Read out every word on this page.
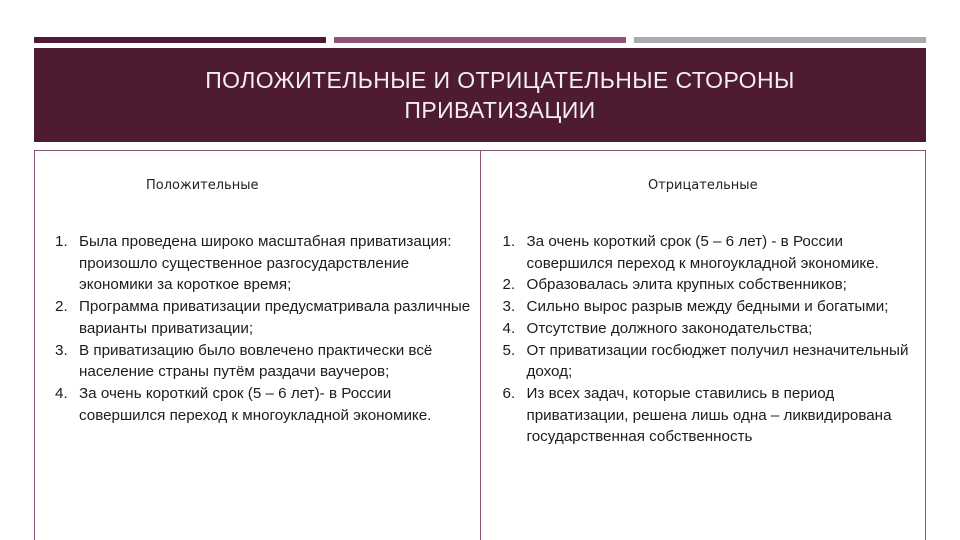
ПОЛОЖИТЕЛЬНЫЕ И ОТРИЦАТЕЛЬНЫЕ СТОРОНЫ ПРИВАТИЗАЦИИ
Положительные
1. Была проведена широко масштабная приватизация: произошло существенное разгосударствление экономики за короткое время;
2. Программа приватизации предусматривала различные варианты приватизации;
3. В приватизацию было вовлечено практически всё население страны путём раздачи ваучеров;
4. За очень короткий срок (5 – 6 лет)- в России совершился переход к многоукладной экономике.
Отрицательные
1. За очень короткий срок (5 – 6 лет) - в России совершился переход к многоукладной экономике.
2. Образовалась элита крупных собственников;
3. Сильно вырос разрыв между бедными и богатыми;
4. Отсутствие должного законодательства;
5. От приватизации госбюджет получил незначительный доход;
6. Из всех задач, которые ставились в период приватизации, решена лишь одна – ликвидирована государственная собственность
